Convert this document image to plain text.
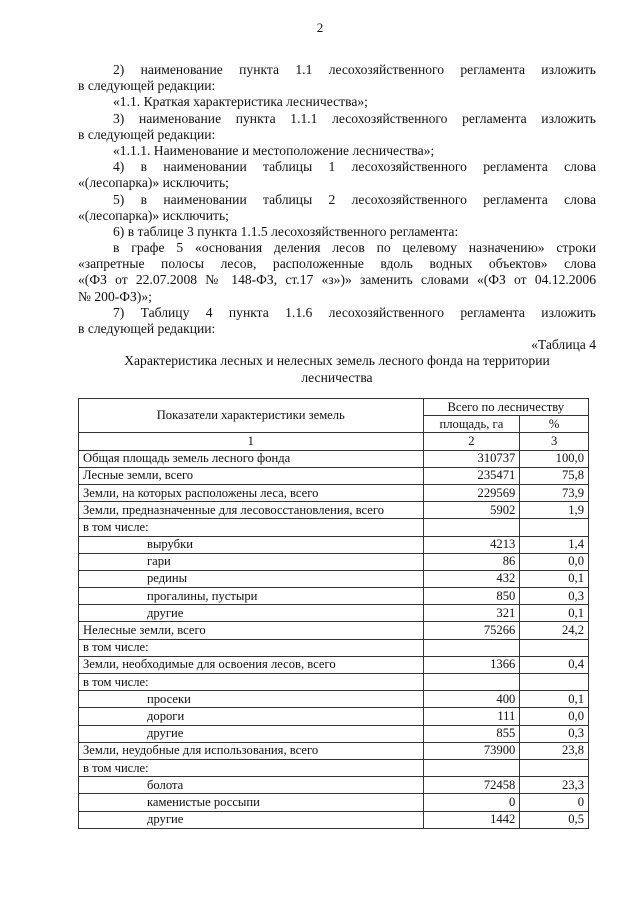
2
2) наименование пункта 1.1 лесохозяйственного регламента изложить
в следующей редакции:
«1.1. Краткая характеристика лесничества»;
3) наименование пункта 1.1.1 лесохозяйственного регламента изложить
в следующей редакции:
«1.1.1. Наименование и местоположение лесничества»;
4) в наименовании таблицы 1 лесохозяйственного регламента слова
«(лесопарка)» исключить;
5) в наименовании таблицы 2 лесохозяйственного регламента слова
«(лесопарка)» исключить;
6) в таблице 3 пункта 1.1.5 лесохозяйственного регламента:
в графе 5 «основания деления лесов по целевому назначению» строки
«запретные полосы лесов, расположенные вдоль водных объектов» слова
«(ФЗ от 22.07.2008 № 148-ФЗ, ст.17 «з»)» заменить словами «(ФЗ от 04.12.2006
№ 200-ФЗ)»;
7) Таблицу 4 пункта 1.1.6 лесохозяйственного регламента изложить
в следующей редакции:
«Таблица 4
Характеристика лесных и нелесных земель лесного фонда на территории
лесничества
Показатели характеристики земель	Всего по лесничеству	
	площадь, га	%
1	2	3
Общая площадь земель лесного фонда	310737	100,0
Лесные земли, всего	235471	75,8
Земли, на которых расположены леса, всего	229569	73,9
Земли, предназначенные для лесовосстановления, всего	5902	1,9
в том числе:		
вырубки	4213	1,4
гари	86	0,0
редины	432	0,1
прогалины, пустыри	850	0,3
другие	321	0,1
Нелесные земли, всего	75266	24,2
в том числе:		
Земли, необходимые для освоения лесов, всего	1366	0,4
в том числе:		
просеки	400	0,1
дороги	111	0,0
другие	855	0,3
Земли, неудобные для использования, всего	73900	23,8
в том числе:		
болота	72458	23,3
каменистые россыпи	0	0
другие	1442	0,5
